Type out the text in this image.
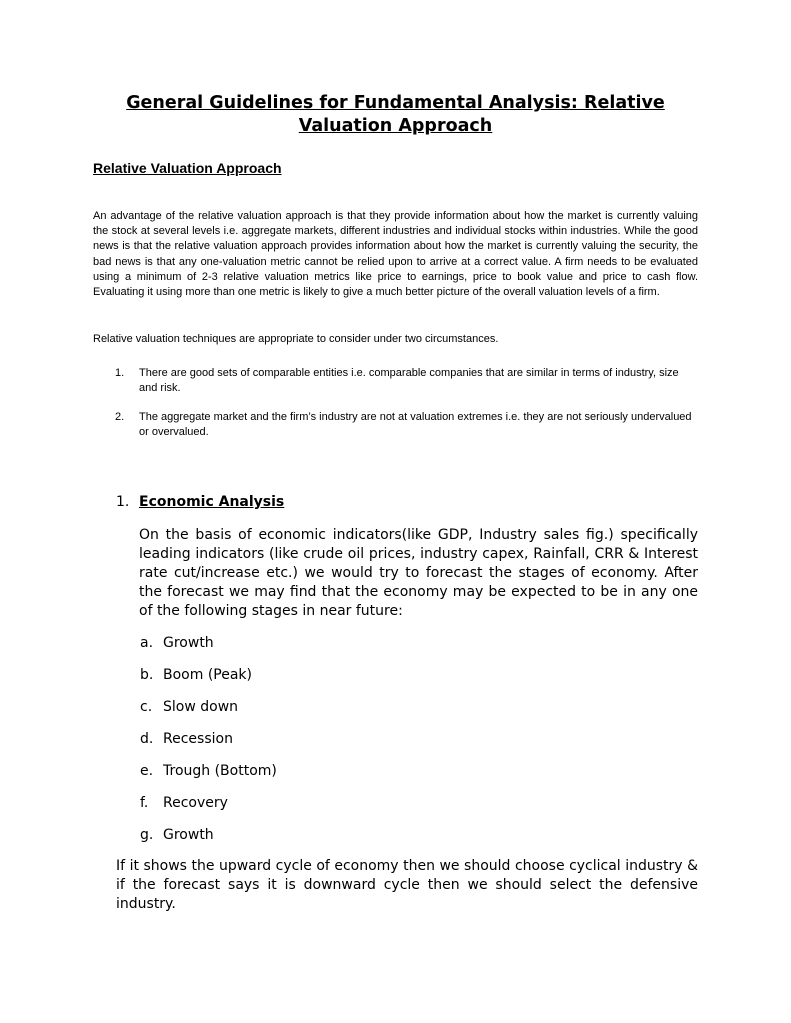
General Guidelines for Fundamental Analysis: Relative Valuation Approach
Relative Valuation Approach

An advantage of the relative valuation approach is that they provide information about how the market is currently valuing the stock at several levels i.e. aggregate markets, different industries and individual stocks within industries. While the good news is that the relative valuation approach provides information about how the market is currently valuing the security, the bad news is that any one-valuation metric cannot be relied upon to arrive at a correct value. A firm needs to be evaluated using a minimum of 2-3 relative valuation metrics like price to earnings, price to book value and price to cash flow. Evaluating it using more than one metric is likely to give a much better picture of the overall valuation levels of a firm.

Relative valuation techniques are appropriate to consider under two circumstances.

1. There are good sets of comparable entities i.e. comparable companies that are similar in terms of industry, size and risk.
2. The aggregate market and the firm’s industry are not at valuation extremes i.e. they are not seriously undervalued or overvalued.
1. Economic Analysis

On the basis of economic indicators(like GDP, Industry sales fig.) specifically leading indicators (like crude oil prices, industry capex, Rainfall, CRR & Interest rate cut/increase etc.) we would try to forecast the stages of economy. After the forecast we may find that the economy may be expected to be in any one of the following stages in near future:

a. Growth
b. Boom (Peak)
c. Slow down
d. Recession
e. Trough (Bottom)
f. Recovery
g. Growth

If it shows the upward cycle of economy then we should choose cyclical industry & if the forecast says it is downward cycle then we should select the defensive industry.
